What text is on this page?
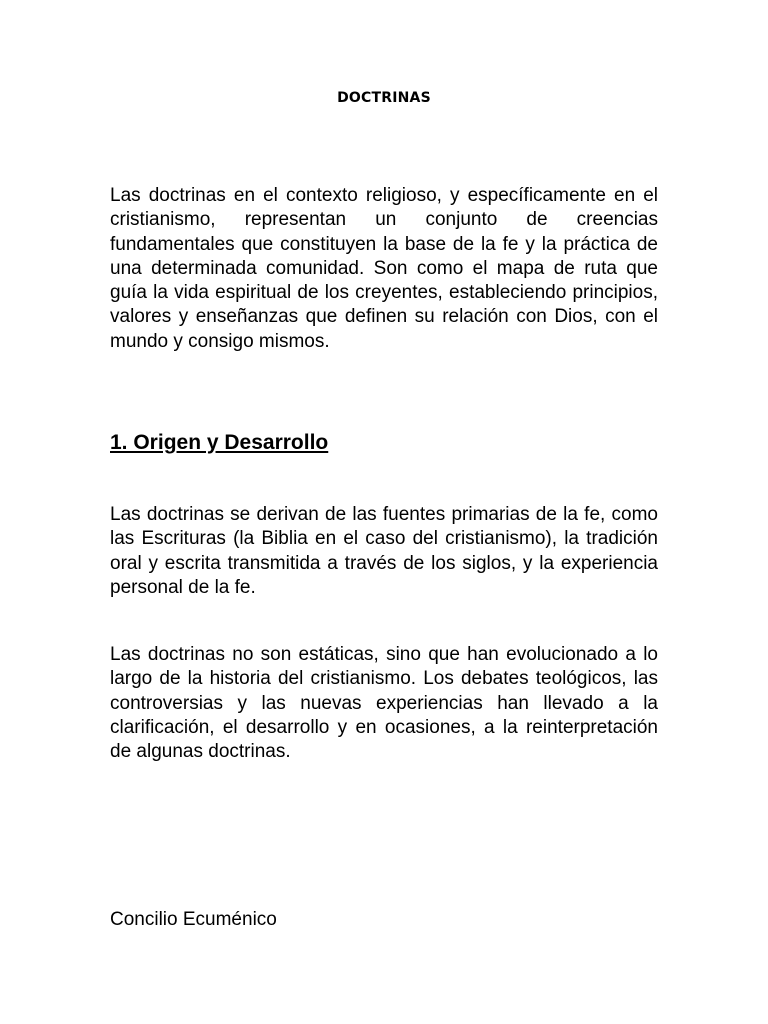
DOCTRINAS

Las doctrinas en el contexto religioso, y específicamente en el cristianismo, representan un conjunto de creencias fundamentales que constituyen la base de la fe y la práctica de una determinada comunidad. Son como el mapa de ruta que guía la vida espiritual de los creyentes, estableciendo principios, valores y enseñanzas que definen su relación con Dios, con el mundo y consigo mismos.

1. Origen y Desarrollo

Las doctrinas se derivan de las fuentes primarias de la fe, como las Escrituras (la Biblia en el caso del cristianismo), la tradición oral y escrita transmitida a través de los siglos, y la experiencia personal de la fe.

Las doctrinas no son estáticas, sino que han evolucionado a lo largo de la historia del cristianismo. Los debates teológicos, las controversias y las nuevas experiencias han llevado a la clarificación, el desarrollo y en ocasiones, a la reinterpretación de algunas doctrinas.

Concilio Ecuménico
